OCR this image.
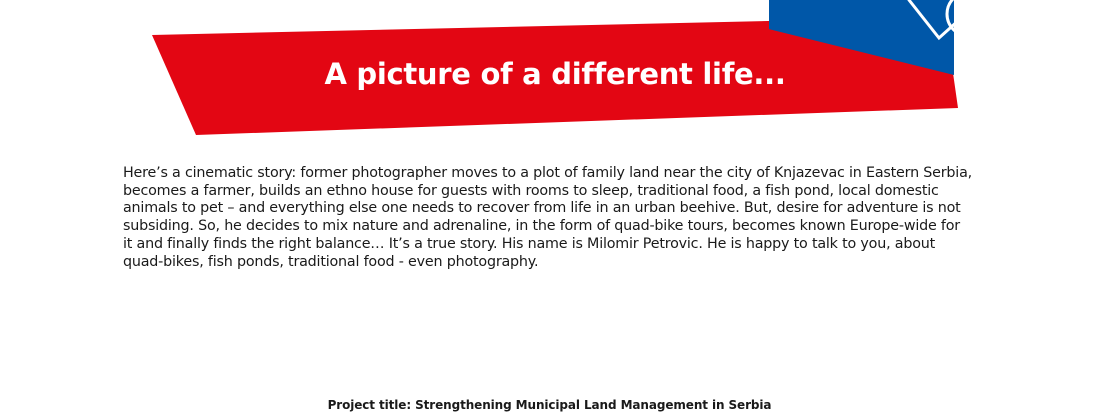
A picture of a different life...

Here’s a cinematic story: former photographer moves to a plot of family land near the city of Knjazevac in Eastern Serbia, becomes a farmer, builds an ethno house for guests with rooms to sleep, traditional food, a fish pond, local domestic animals to pet – and everything else one needs to recover from life in an urban beehive. But, desire for adventure is not subsiding. So, he decides to mix nature and adrenaline, in the form of quad-bike tours, becomes known Europe-wide for it and finally finds the right balance… It’s a true story. His name is Milomir Petrovic. He is happy to talk to you, about quad-bikes, fish ponds, traditional food - even photography.

Project title: Strengthening Municipal Land Management in Serbia
